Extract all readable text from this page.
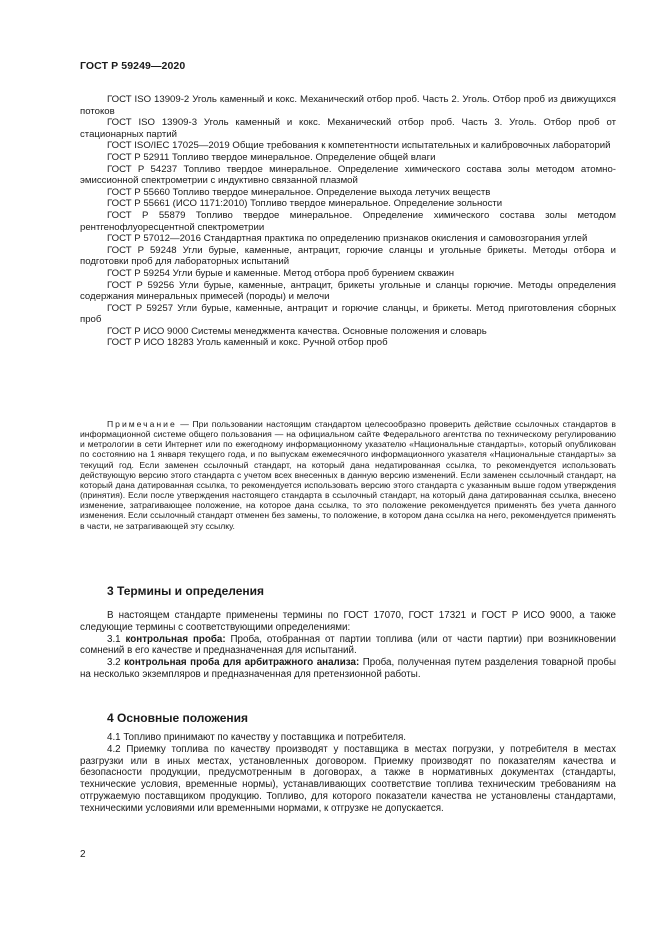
ГОСТ Р 59249—2020

ГОСТ ISO 13909-2 Уголь каменный и кокс. Механический отбор проб. Часть 2. Уголь. Отбор проб из движущихся потоков

ГОСТ ISO 13909-3 Уголь каменный и кокс. Механический отбор проб. Часть 3. Уголь. Отбор проб от стационарных партий

ГОСТ ISO/IEC 17025—2019 Общие требования к компетентности испытательных и калибровочных лабораторий

ГОСТ Р 52911 Топливо твердое минеральное. Определение общей влаги

ГОСТ Р 54237 Топливо твердое минеральное. Определение химического состава золы методом атомно-эмиссионной спектрометрии с индуктивно связанной плазмой

ГОСТ Р 55660 Топливо твердое минеральное. Определение выхода летучих веществ

ГОСТ Р 55661 (ИСО 1171:2010) Топливо твердое минеральное. Определение зольности

ГОСТ Р 55879 Топливо твердое минеральное. Определение химического состава золы методом рентгенофлуоресцентной спектрометрии

ГОСТ Р 57012—2016 Стандартная практика по определению признаков окисления и самовозгорания углей

ГОСТ Р 59248 Угли бурые, каменные, антрацит, горючие сланцы и угольные брикеты. Методы отбора и подготовки проб для лабораторных испытаний

ГОСТ Р 59254 Угли бурые и каменные. Метод отбора проб бурением скважин

ГОСТ Р 59256 Угли бурые, каменные, антрацит, брикеты угольные и сланцы горючие. Методы определения содержания минеральных примесей (породы) и мелочи

ГОСТ Р 59257 Угли бурые, каменные, антрацит и горючие сланцы, и брикеты. Метод приготовления сборных проб

ГОСТ Р ИСО 9000 Системы менеджмента качества. Основные положения и словарь

ГОСТ Р ИСО 18283 Уголь каменный и кокс. Ручной отбор проб

Примечание — При пользовании настоящим стандартом целесообразно проверить действие ссылочных стандартов в информационной системе общего пользования — на официальном сайте Федерального агентства по техническому регулированию и метрологии в сети Интернет или по ежегодному информационному указателю «Национальные стандарты», который опубликован по состоянию на 1 января текущего года, и по выпускам ежемесячного информационного указателя «Национальные стандарты» за текущий год. Если заменен ссылочный стандарт, на который дана недатированная ссылка, то рекомендуется использовать действующую версию этого стандарта с учетом всех внесенных в данную версию изменений. Если заменен ссылочный стандарт, на который дана датированная ссылка, то рекомендуется использовать версию этого стандарта с указанным выше годом утверждения (принятия). Если после утверждения настоящего стандарта в ссылочный стандарт, на который дана датированная ссылка, внесено изменение, затрагивающее положение, на которое дана ссылка, то это положение рекомендуется применять без учета данного изменения. Если ссылочный стандарт отменен без замены, то положение, в котором дана ссылка на него, рекомендуется применять в части, не затрагивающей эту ссылку.

3 Термины и определения

В настоящем стандарте применены термины по ГОСТ 17070, ГОСТ 17321 и ГОСТ Р ИСО 9000, а также следующие термины с соответствующими определениями:

3.1 контрольная проба: Проба, отобранная от партии топлива (или от части партии) при возникновении сомнений в его качестве и предназначенная для испытаний.

3.2 контрольная проба для арбитражного анализа: Проба, полученная путем разделения товарной пробы на несколько экземпляров и предназначенная для претензионной работы.

4 Основные положения

4.1 Топливо принимают по качеству у поставщика и потребителя.

4.2 Приемку топлива по качеству производят у поставщика в местах погрузки, у потребителя в местах разгрузки или в иных местах, установленных договором. Приемку производят по показателям качества и безопасности продукции, предусмотренным в договорах, а также в нормативных документах (стандарты, технические условия, временные нормы), устанавливающих соответствие топлива техническим требованиям на отгружаемую поставщиком продукцию. Топливо, для которого показатели качества не установлены стандартами, техническими условиями или временными нормами, к отгрузке не допускается.

2
